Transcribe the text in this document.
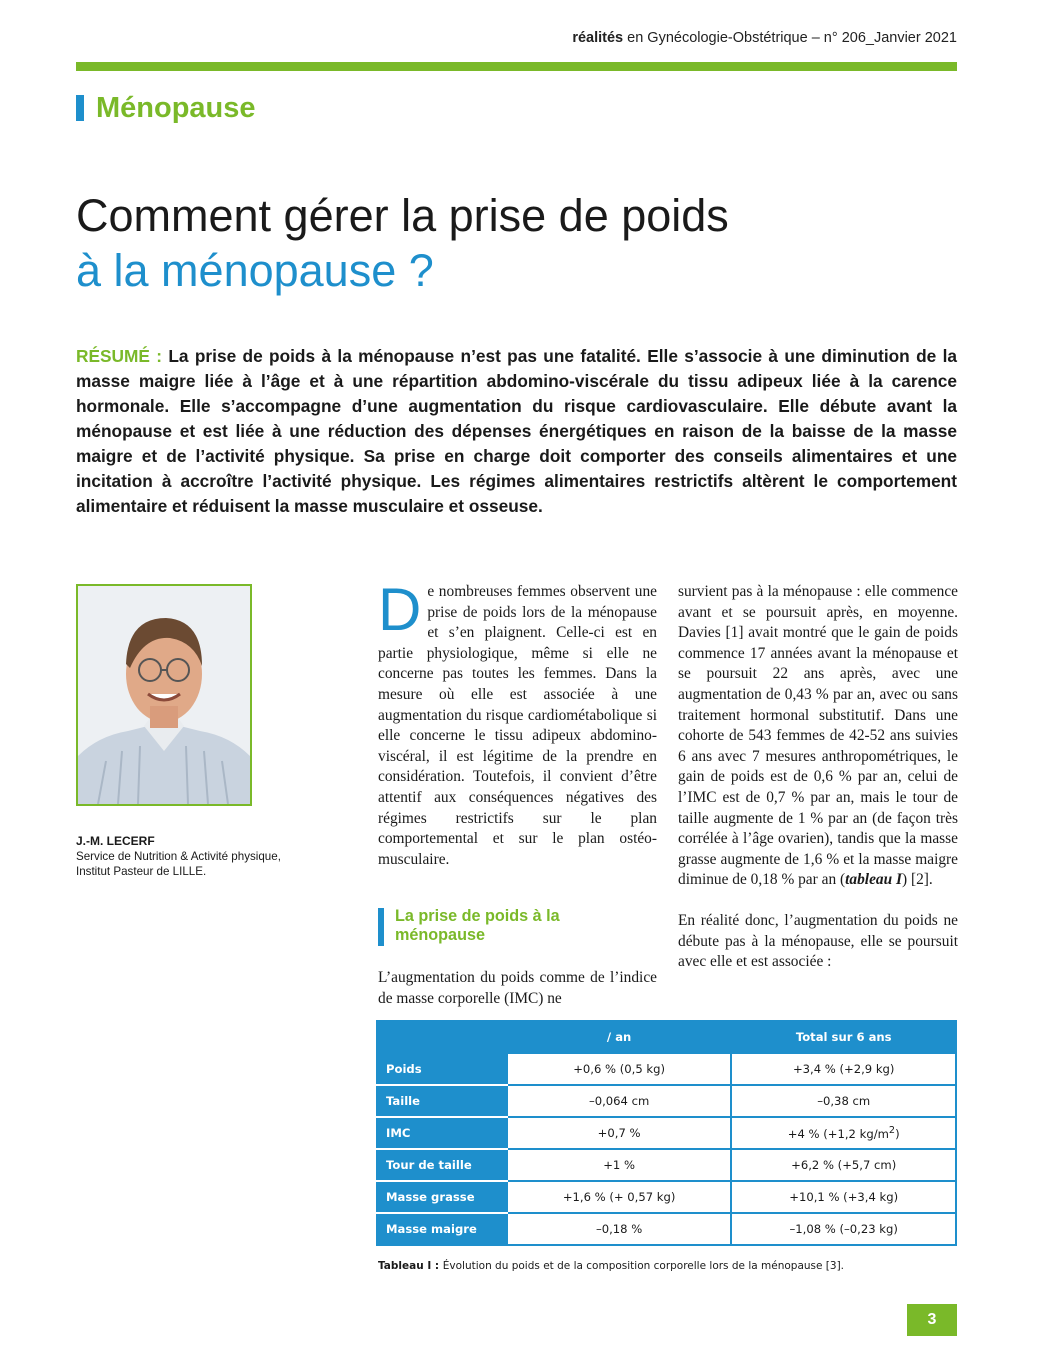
réalités en Gynécologie-Obstétrique – n° 206_Janvier 2021
Ménopause
Comment gérer la prise de poids
à la ménopause ?
RÉSUMÉ : La prise de poids à la ménopause n’est pas une fatalité. Elle s’associe à une diminution de la masse maigre liée à l’âge et à une répartition abdomino-viscérale du tissu adipeux liée à la carence hormonale. Elle s’accompagne d’une augmentation du risque cardiovasculaire. Elle débute avant la ménopause et est liée à une réduction des dépenses énergétiques en raison de la baisse de la masse maigre et de l’activité physique. Sa prise en charge doit comporter des conseils alimentaires et une incitation à accroître l’activité physique. Les régimes alimentaires restrictifs altèrent le comportement alimentaire et réduisent la masse musculaire et osseuse.
J.-M. LECERF
Service de Nutrition & Activité physique,
Institut Pasteur de LILLE.
D e nombreuses femmes observent une prise de poids lors de la ménopause et s’en plaignent. Celle-ci est en partie physiologique, même si elle ne concerne pas toutes les femmes. Dans la mesure où elle est associée à une augmentation du risque cardiométabolique si elle concerne le tissu adipeux abdomino-viscéral, il est légitime de la prendre en considération. Toutefois, il convient d’être attentif aux conséquences négatives des régimes restrictifs sur le plan comportemental et sur le plan ostéo-musculaire.

La prise de poids à la ménopause

L’augmentation du poids comme de l’indice de masse corporelle (IMC) ne

survient pas à la ménopause : elle commence avant et se poursuit après, en moyenne. Davies [1] avait montré que le gain de poids commence 17 années avant la ménopause et se poursuit 22 ans après, avec une augmentation de 0,43 % par an, avec ou sans traitement hormonal substitutif. Dans une cohorte de 543 femmes de 42-52 ans suivies 6 ans avec 7 mesures anthropométriques, le gain de poids est de 0,6 % par an, celui de l’IMC est de 0,7 % par an, mais le tour de taille augmente de 1 % par an (de façon très corrélée à l’âge ovarien), tandis que la masse grasse augmente de 1,6 % et la masse maigre diminue de 0,18 % par an (tableau I) [2].

En réalité donc, l’augmentation du poids ne débute pas à la ménopause, elle se poursuit avec elle et est associée :

	/ an	Total sur 6 ans
Poids	+0,6 % (0,5 kg)	+3,4 % (+2,9 kg)
Taille	–0,064 cm	–0,38 cm
IMC	+0,7 %	+4 % (+1,2 $kg/m^2$)
Tour de taille	+1 %	+6,2 % (+5,7 cm)
Masse grasse	+1,6 % (+ 0,57 kg)	+10,1 % (+3,4 kg)
Masse maigre	–0,18 %	–1,08 % (–0,23 kg)
Tableau I : Évolution du poids et de la composition corporelle lors de la ménopause [3].
3
